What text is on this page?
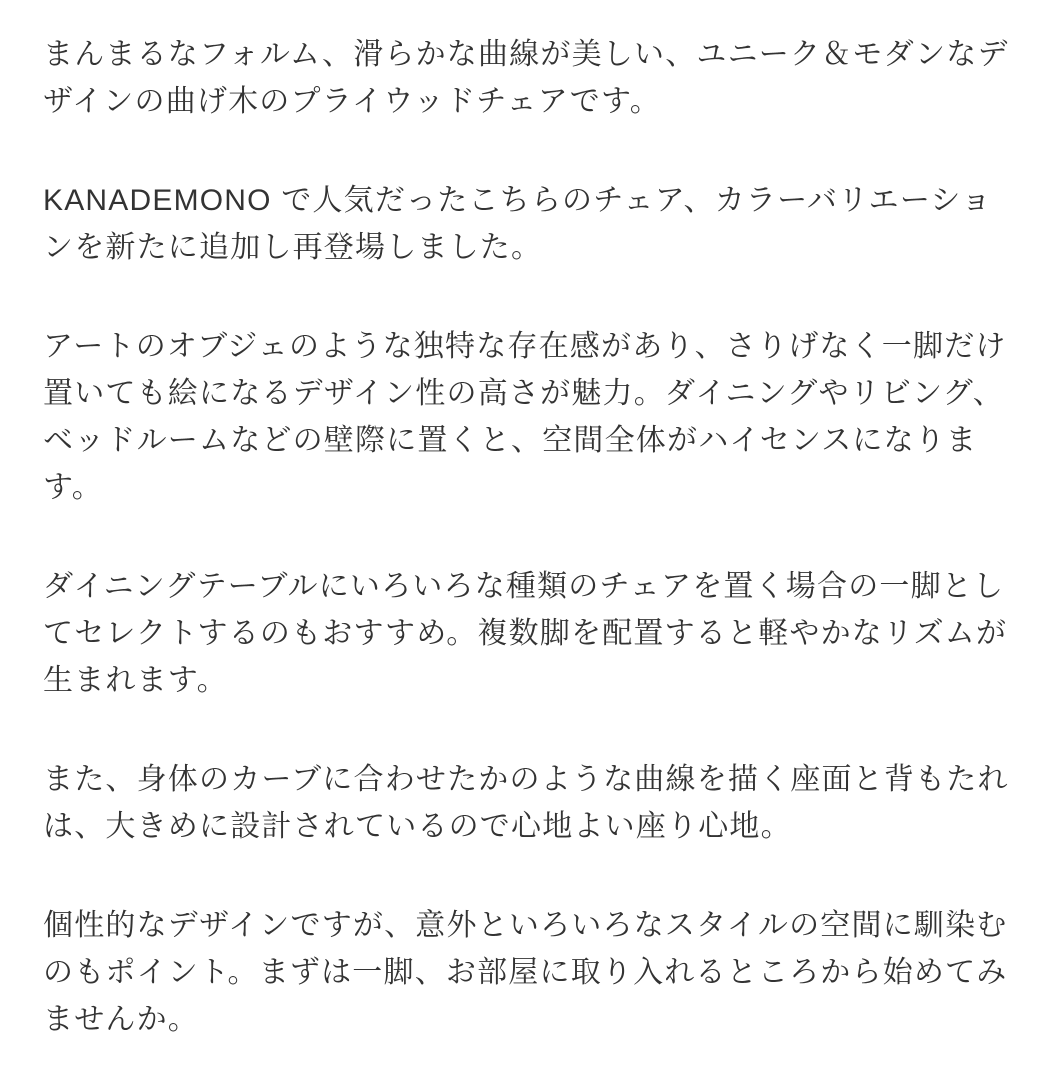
まんまるなフォルム、滑らかな曲線が美しい、ユニーク＆モダンなデ
ザインの曲げ木のプライウッドチェアです。

KANADEMONO で人気だったこちらのチェア、カラーバリエーショ
ンを新たに追加し再登場しました。

アートのオブジェのような独特な存在感があり、さりげなく一脚だけ
置いても絵になるデザイン性の高さが魅力。ダイニングやリビング、
ベッドルームなどの壁際に置くと、空間全体がハイセンスになりま
す。

ダイニングテーブルにいろいろな種類のチェアを置く場合の一脚とし
てセレクトするのもおすすめ。複数脚を配置すると軽やかなリズムが
生まれます。

また、身体のカーブに合わせたかのような曲線を描く座面と背もたれ
は、大きめに設計されているので心地よい座り心地。

個性的なデザインですが、意外といろいろなスタイルの空間に馴染む
のもポイント。まずは一脚、お部屋に取り入れるところから始めてみ
ませんか。
